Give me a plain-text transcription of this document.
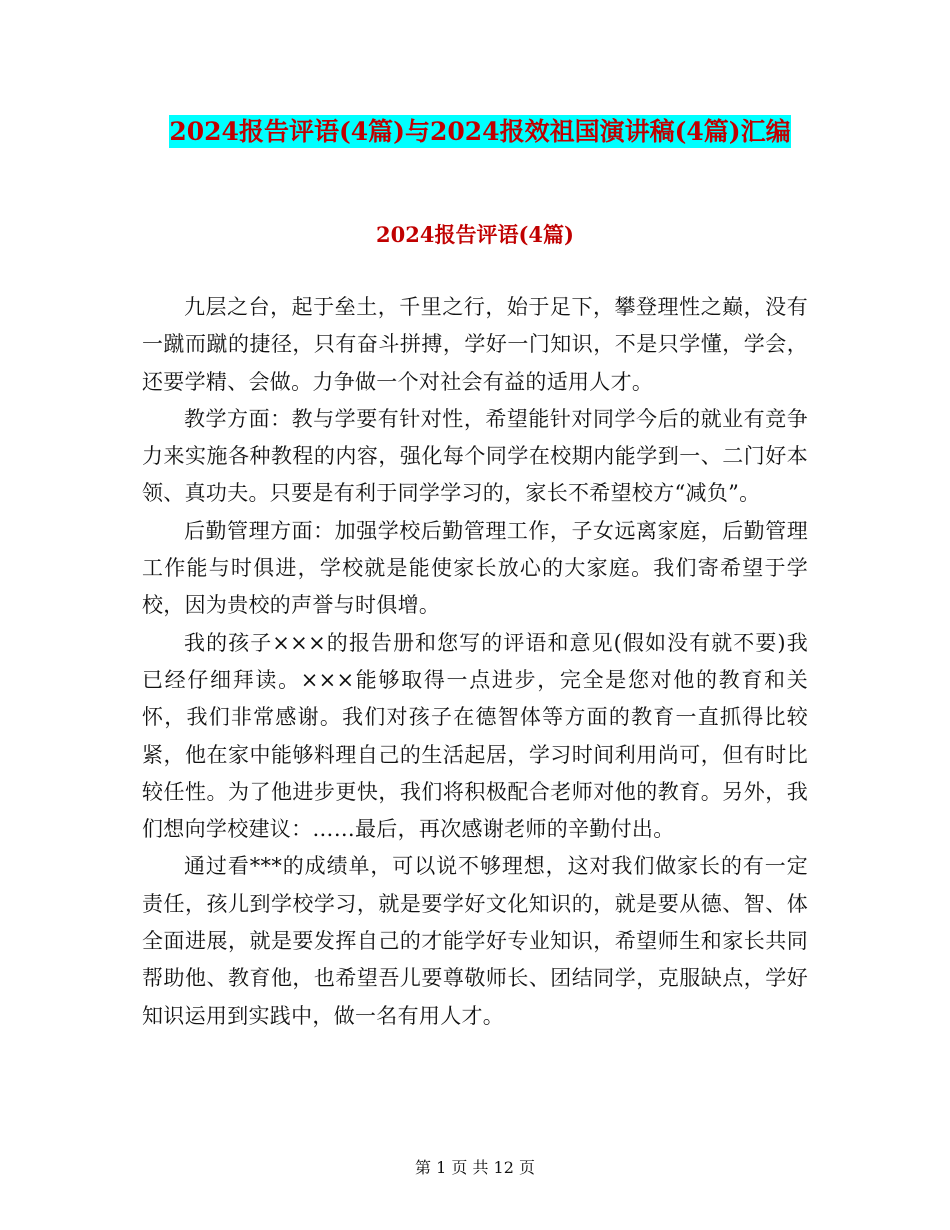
2024报告评语(4篇)与2024报效祖国演讲稿(4篇)汇编
2024报告评语(4篇)

九层之台，起于垒土，千里之行，始于足下，攀登理性之巅，没有一蹴而蹴的捷径，只有奋斗拼搏，学好一门知识，不是只学懂，学会，还要学精、会做。力争做一个对社会有益的适用人才。

教学方面：教与学要有针对性，希望能针对同学今后的就业有竞争力来实施各种教程的内容，强化每个同学在校期内能学到一、二门好本领、真功夫。只要是有利于同学学习的，家长不希望校方“减负”。

后勤管理方面：加强学校后勤管理工作，子女远离家庭，后勤管理工作能与时俱进，学校就是能使家长放心的大家庭。我们寄希望于学校，因为贵校的声誉与时俱增。

我的孩子×××的报告册和您写的评语和意见(假如没有就不要)我已经仔细拜读。×××能够取得一点进步，完全是您对他的教育和关怀，我们非常感谢。我们对孩子在德智体等方面的教育一直抓得比较紧，他在家中能够料理自己的生活起居，学习时间利用尚可，但有时比较任性。为了他进步更快，我们将积极配合老师对他的教育。另外，我们想向学校建议：……最后，再次感谢老师的辛勤付出。

通过看***的成绩单，可以说不够理想，这对我们做家长的有一定责任，孩儿到学校学习，就是要学好文化知识的，就是要从德、智、体全面进展，就是要发挥自己的才能学好专业知识，希望师生和家长共同帮助他、教育他，也希望吾儿要尊敬师长、团结同学，克服缺点，学好知识运用到实践中，做一名有用人才。

第 1 页 共 12 页
